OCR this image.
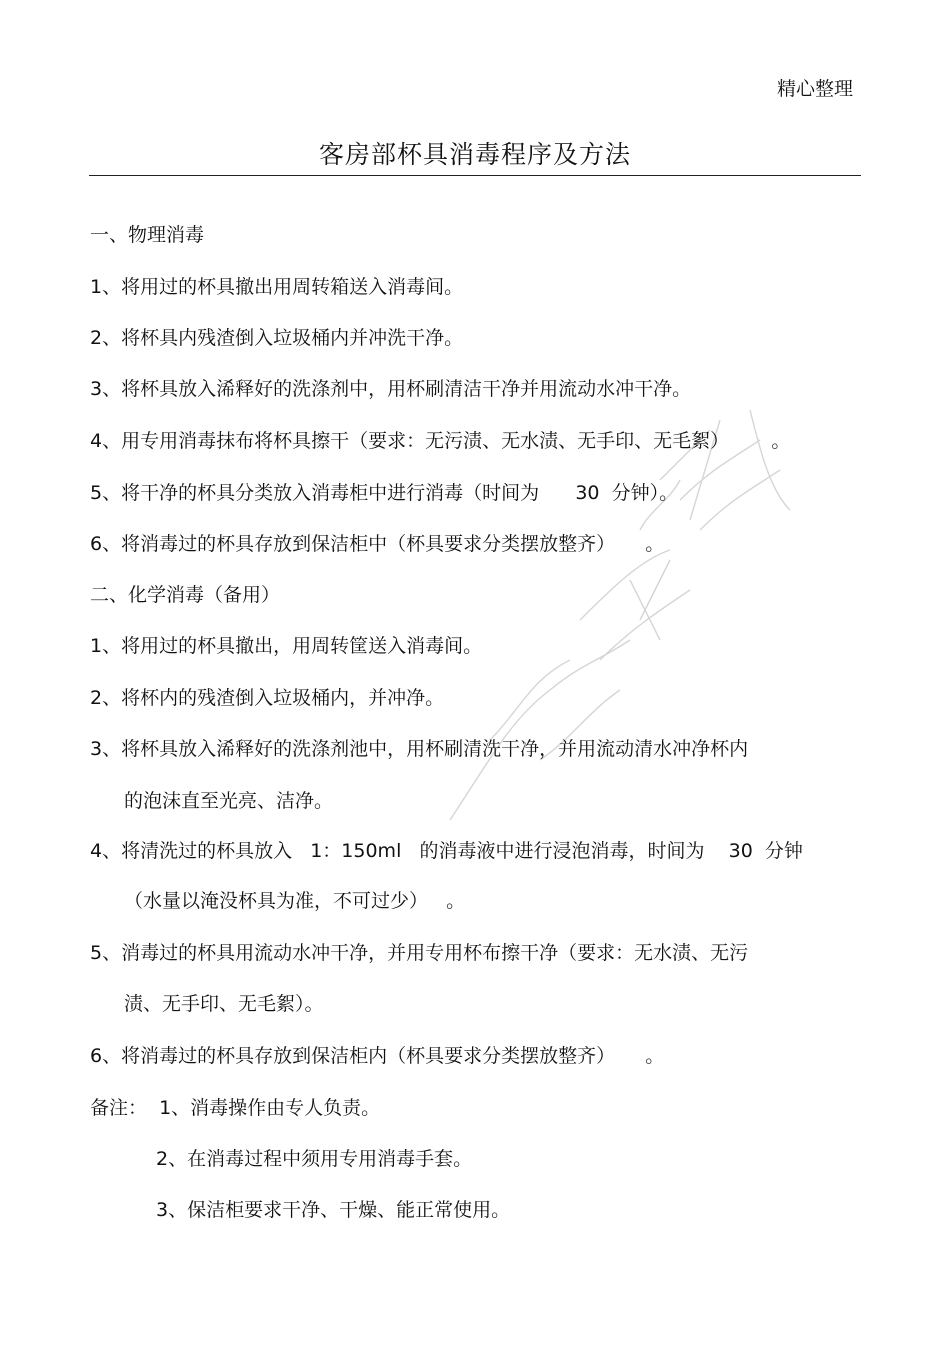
精心整理
客房部杯具消毒程序及方法
一、物理消毒
1、将用过的杯具撤出用周转箱送入消毒间。
2、将杯具内残渣倒入垃圾桶内并冲洗干净。
3、将杯具放入浠释好的洗涤剂中，用杯刷清洁干净并用流动水冲干净。
4、用专用消毒抹布将杯具擦干（要求：无污渍、无水渍、无手印、无毛絮）       。
5、将干净的杯具分类放入消毒柜中进行消毒（时间为      30  分钟）。
6、将消毒过的杯具存放到保洁柜中（杯具要求分类摆放整齐）     。
二、化学消毒（备用）
1、将用过的杯具撤出，用周转筐送入消毒间。
2、将杯内的残渣倒入垃圾桶内，并冲净。
3、将杯具放入浠释好的洗涤剂池中，用杯刷清洗干净，并用流动清水冲净杯内
的泡沫直至光亮、洁净。
4、将清洗过的杯具放入   1：150ml   的消毒液中进行浸泡消毒，时间为    30  分钟
（水量以淹没杯具为准，不可过少）   。
5、消毒过的杯具用流动水冲干净，并用专用杯布擦干净（要求：无水渍、无污
渍、无手印、无毛絮）。
6、将消毒过的杯具存放到保洁柜内（杯具要求分类摆放整齐）     。
备注：  1、消毒操作由专人负责。
2、在消毒过程中须用专用消毒手套。
3、保洁柜要求干净、干燥、能正常使用。
